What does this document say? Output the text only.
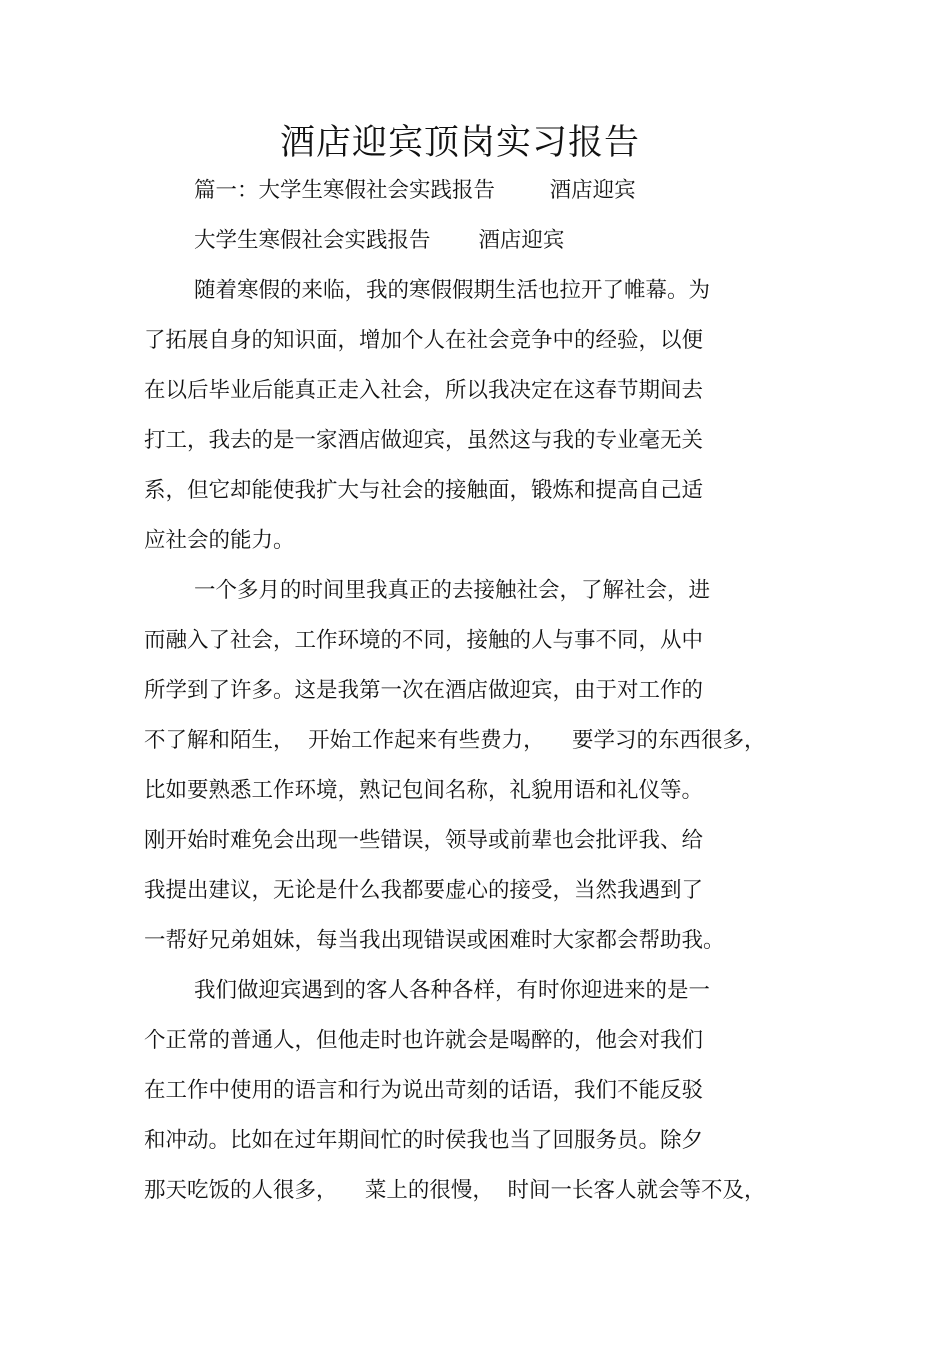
酒店迎宾顶岗实习报告
篇一：大学生寒假社会实践报告        酒店迎宾
大学生寒假社会实践报告       酒店迎宾
随着寒假的来临，我的寒假假期生活也拉开了帷幕。为
了拓展自身的知识面，增加个人在社会竞争中的经验，以便
在以后毕业后能真正走入社会，所以我决定在这春节期间去
打工，我去的是一家酒店做迎宾，虽然这与我的专业毫无关
系，但它却能使我扩大与社会的接触面，锻炼和提高自己适
应社会的能力。
一个多月的时间里我真正的去接触社会，了解社会，进
而融入了社会，工作环境的不同，接触的人与事不同，从中
所学到了许多。这是我第一次在酒店做迎宾，由于对工作的
不了解和陌生，  开始工作起来有些费力，    要学习的东西很多，
比如要熟悉工作环境，熟记包间名称，礼貌用语和礼仪等。
刚开始时难免会出现一些错误，领导或前辈也会批评我、给
我提出建议，无论是什么我都要虚心的接受，当然我遇到了
一帮好兄弟姐妹，每当我出现错误或困难时大家都会帮助我。
我们做迎宾遇到的客人各种各样，有时你迎进来的是一
个正常的普通人，但他走时也许就会是喝醉的，他会对我们
在工作中使用的语言和行为说出苛刻的话语，我们不能反驳
和冲动。比如在过年期间忙的时侯我也当了回服务员。除夕
那天吃饭的人很多，    菜上的很慢，  时间一长客人就会等不及，
